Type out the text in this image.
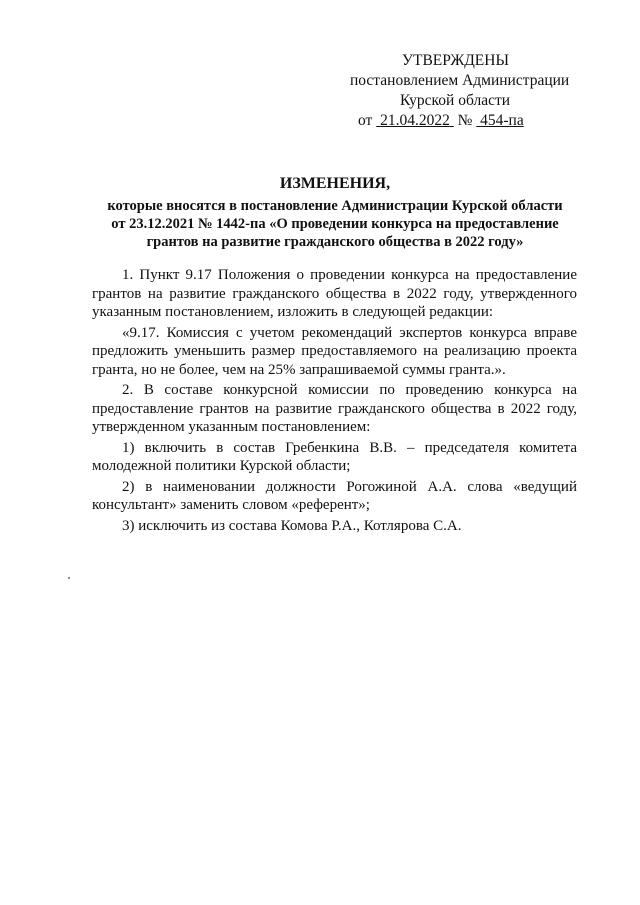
УТВЕРЖДЕНЫ
постановлением Администрации
Курской области
от 21.04.2022 № 454-па
ИЗМЕНЕНИЯ,
которые вносятся в постановление Администрации Курской области
от 23.12.2021 № 1442-па «О проведении конкурса на предоставление
грантов на развитие гражданского общества в 2022 году»

1. Пункт 9.17 Положения о проведении конкурса на предоставление грантов на развитие гражданского общества в 2022 году, утвержденного указанным постановлением, изложить в следующей редакции:

«9.17. Комиссия с учетом рекомендаций экспертов конкурса вправе предложить уменьшить размер предоставляемого на реализацию проекта гранта, но не более, чем на 25% запрашиваемой суммы гранта.».

2. В составе конкурсной комиссии по проведению конкурса на предоставление грантов на развитие гражданского общества в 2022 году, утвержденном указанным постановлением:

1) включить в состав Гребенкина В.В. – председателя комитета молодежной политики Курской области;

2) в наименовании должности Рогожиной А.А. слова «ведущий консультант» заменить словом «референт»;

3) исключить из состава Комова Р.А., Котлярова С.А.
